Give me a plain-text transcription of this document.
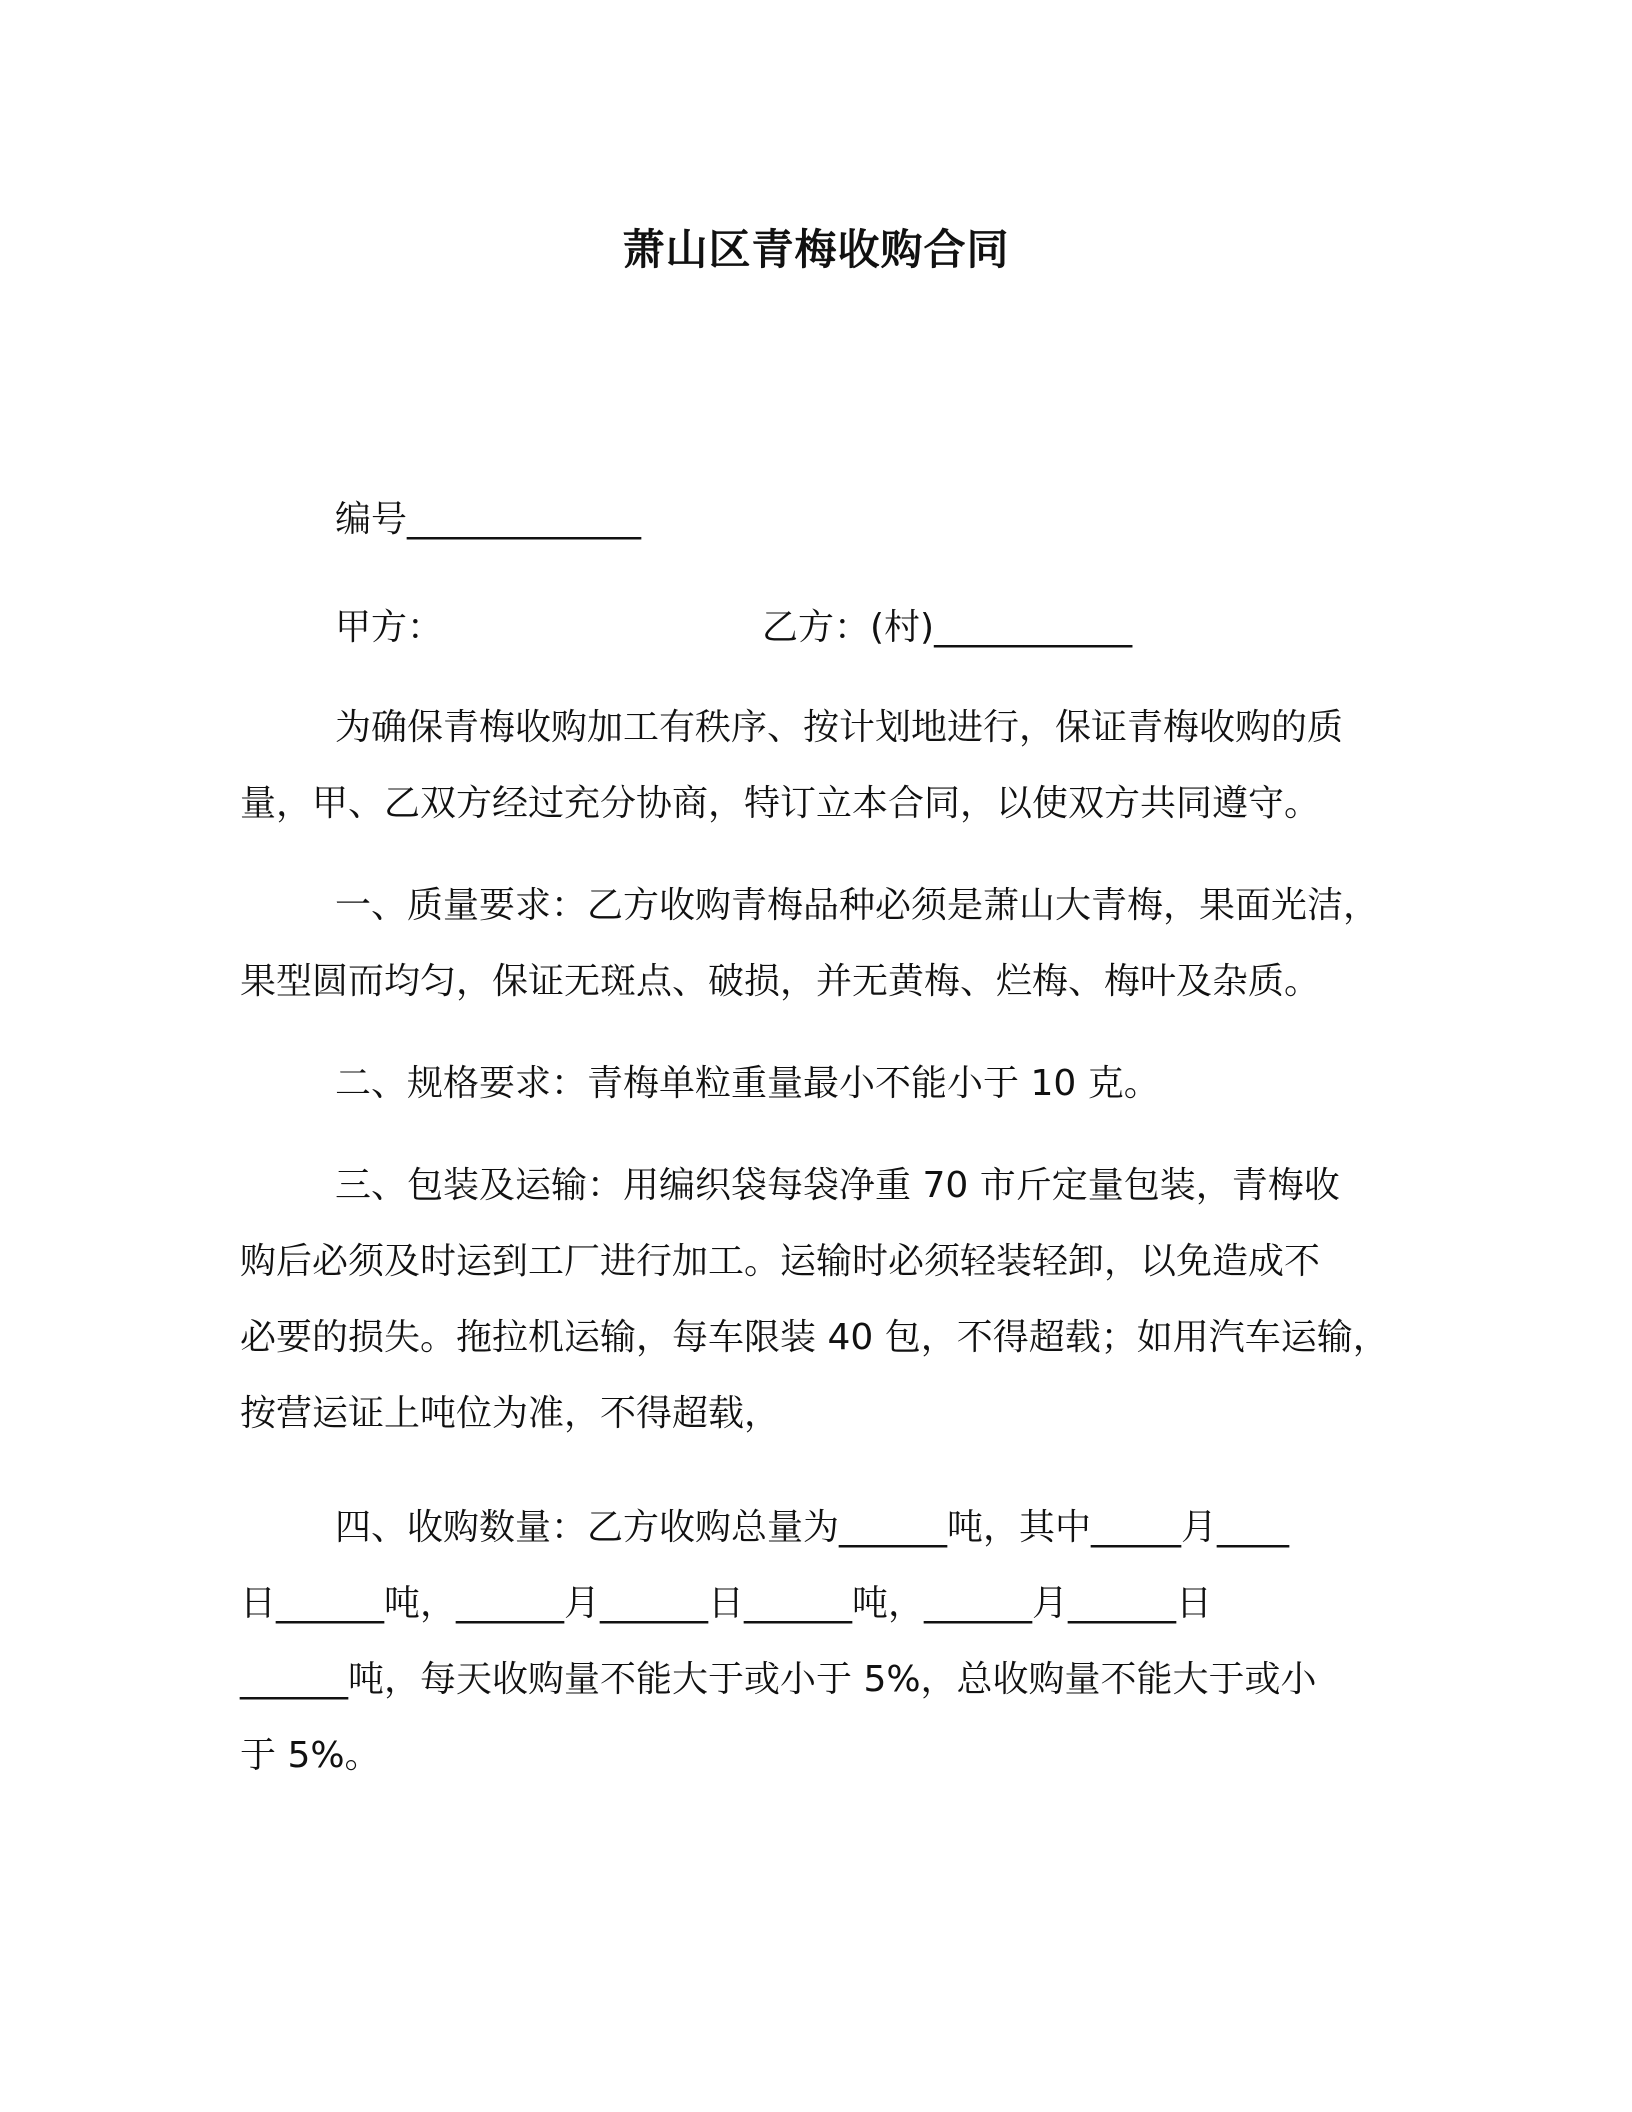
萧山区青梅收购合同
编号_____________
甲方：	乙方：(村)___________
为确保青梅收购加工有秩序、按计划地进行，保证青梅收购的质
量，甲、乙双方经过充分协商，特订立本合同，以使双方共同遵守。
一、质量要求：乙方收购青梅品种必须是萧山大青梅，果面光洁，
果型圆而均匀，保证无斑点、破损，并无黄梅、烂梅、梅叶及杂质。
二、规格要求：青梅单粒重量最小不能小于 10 克。
三、包装及运输：用编织袋每袋净重 70 市斤定量包装，青梅收
购后必须及时运到工厂进行加工。运输时必须轻装轻卸，以免造成不
必要的损失。拖拉机运输，每车限装 40 包，不得超载；如用汽车运输，
按营运证上吨位为准，不得超载，
四、收购数量：乙方收购总量为______吨，其中_____月____
日______吨，______月______日______吨，______月______日
______吨，每天收购量不能大于或小于 5%，总收购量不能大于或小
于 5%。
